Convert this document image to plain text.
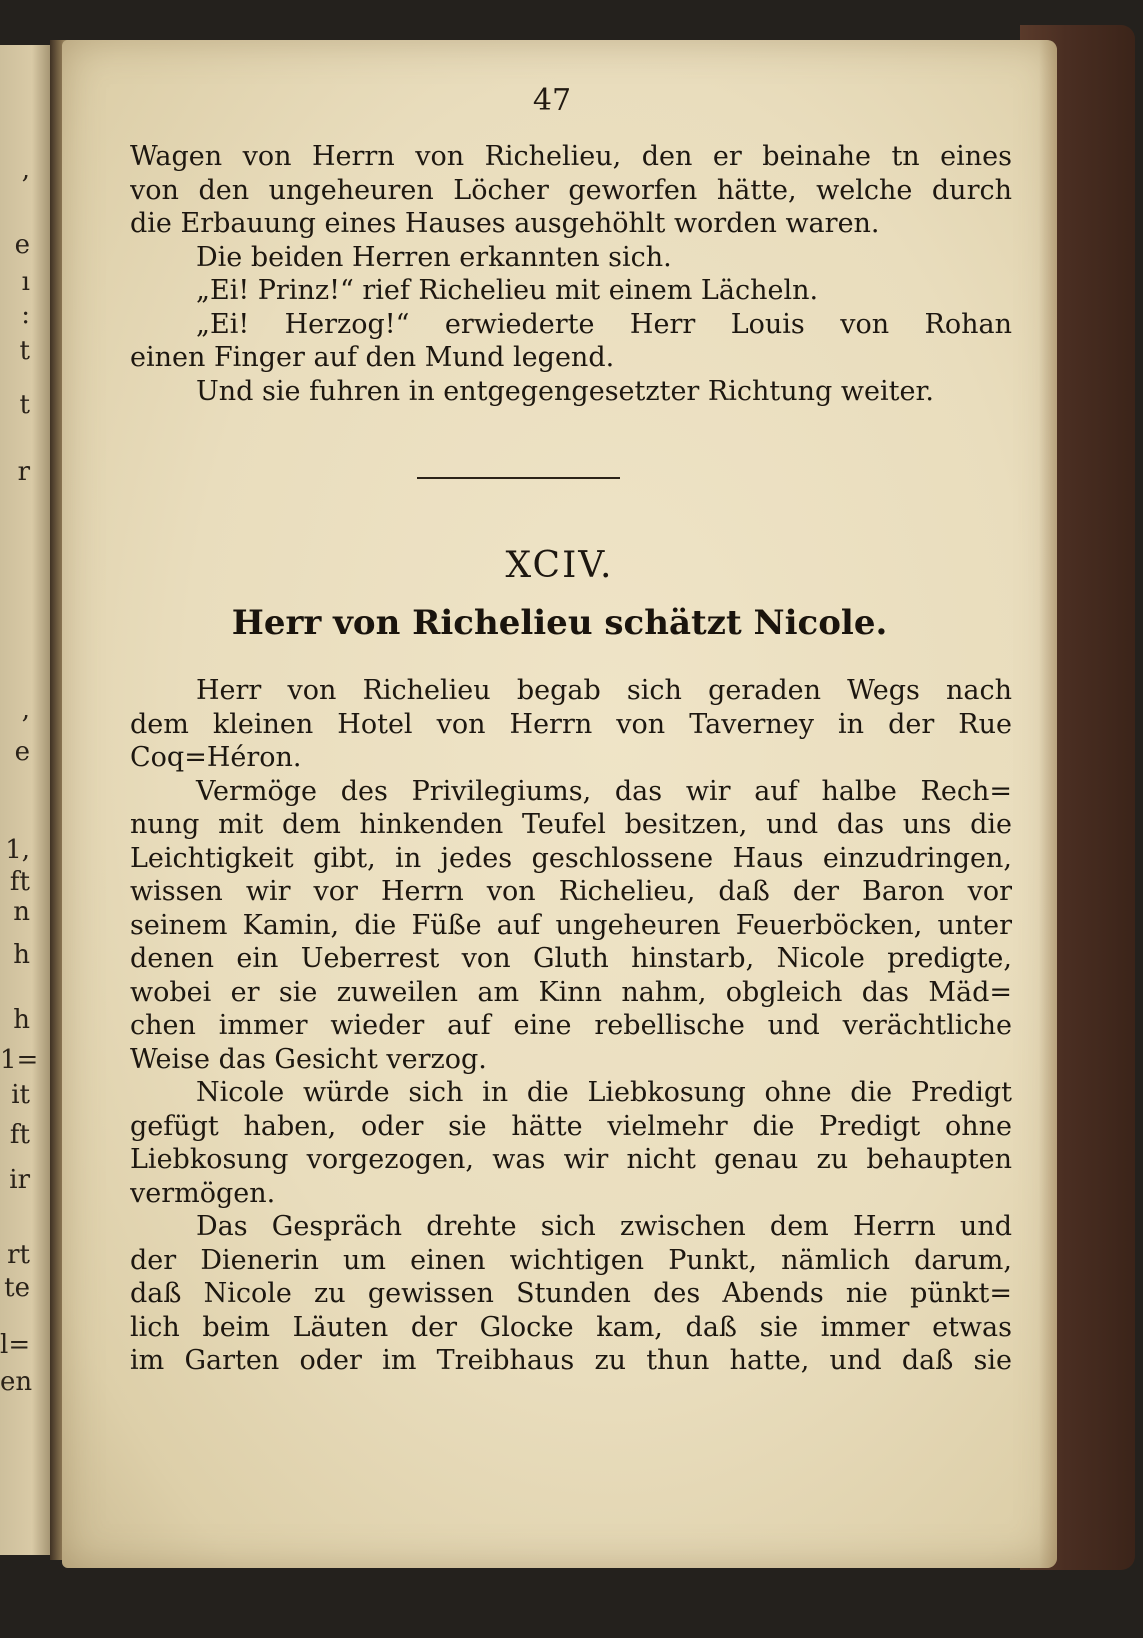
,
e
ı
:
t
t
r
,
e
1,
ft
n
h
h
1=
it
ft
ir
rt
te
l=
en
47
Wagen von Herrn von Richelieu, den er beinahe tn eines
von den ungeheuren Löcher geworfen hätte, welche durch
die Erbauung eines Hauses ausgehöhlt worden waren.
Die beiden Herren erkannten sich.
„Ei! Prinz!“ rief Richelieu mit einem Lächeln.
„Ei! Herzog!“ erwiederte Herr Louis von Rohan
einen Finger auf den Mund legend.
Und sie fuhren in entgegengesetzter Richtung weiter.
XCIV.
Herr von Richelieu schätzt Nicole.
Herr von Richelieu begab sich geraden Wegs nach
dem kleinen Hotel von Herrn von Taverney in der Rue
Coq=Héron.
Vermöge des Privilegiums, das wir auf halbe Rech=
nung mit dem hinkenden Teufel besitzen, und das uns die
Leichtigkeit gibt, in jedes geschlossene Haus einzudringen,
wissen wir vor Herrn von Richelieu, daß der Baron vor
seinem Kamin, die Füße auf ungeheuren Feuerböcken, unter
denen ein Ueberrest von Gluth hinstarb, Nicole predigte,
wobei er sie zuweilen am Kinn nahm, obgleich das Mäd=
chen immer wieder auf eine rebellische und verächtliche
Weise das Gesicht verzog.
Nicole würde sich in die Liebkosung ohne die Predigt
gefügt haben, oder sie hätte vielmehr die Predigt ohne
Liebkosung vorgezogen, was wir nicht genau zu behaupten
vermögen.
Das Gespräch drehte sich zwischen dem Herrn und
der Dienerin um einen wichtigen Punkt, nämlich darum,
daß Nicole zu gewissen Stunden des Abends nie pünkt=
lich beim Läuten der Glocke kam, daß sie immer etwas
im Garten oder im Treibhaus zu thun hatte, und daß sie
